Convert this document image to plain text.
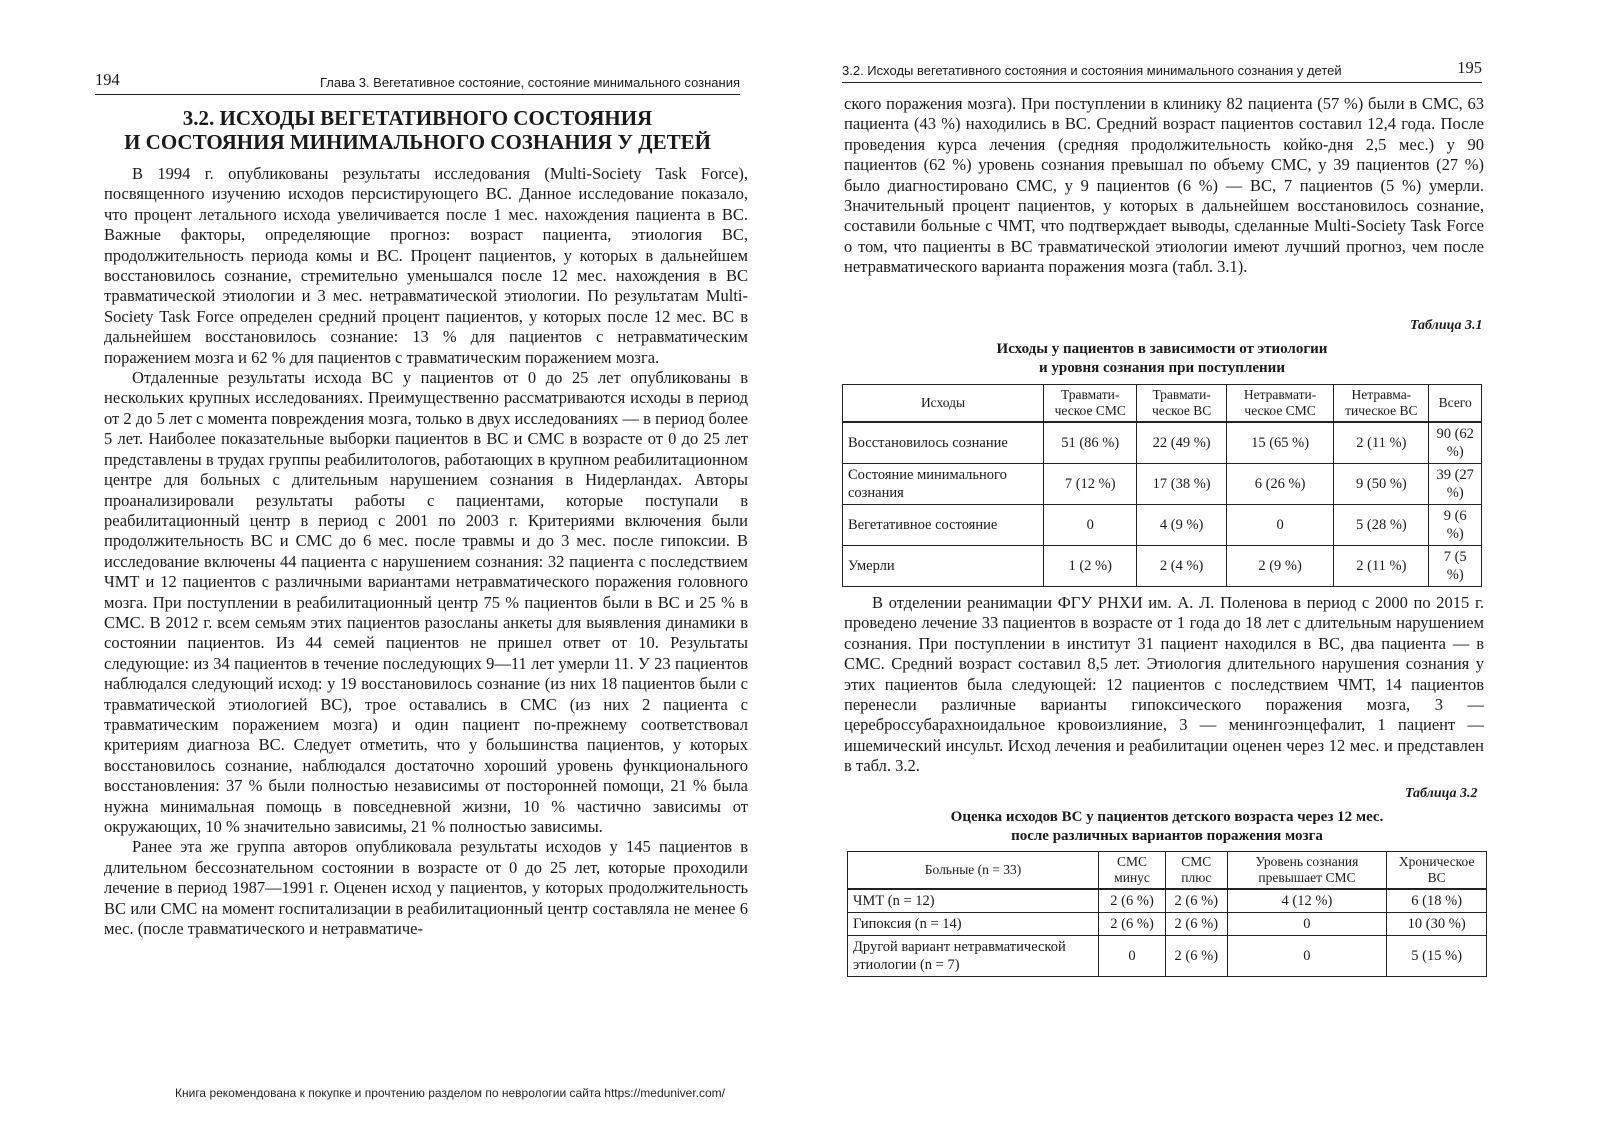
194	Глава 3. Вегетативное состояние, состояние минимального сознания
3.2. ИСХОДЫ ВЕГЕТАТИВНОГО СОСТОЯНИЯ
И СОСТОЯНИЯ МИНИМАЛЬНОГО СОЗНАНИЯ У ДЕТЕЙ

В 1994 г. опубликованы результаты исследования (Multi-Society Task Force), посвященного изучению исходов персистирующего ВС. Данное исследование показало, что процент летального исхода увеличивается после 1 мес. нахождения пациента в ВС. Важные факторы, определяющие прогноз: возраст пациента, этиология ВС, продолжительность периода комы и ВС. Процент пациентов, у которых в дальнейшем восстановилось сознание, стремительно уменьшался после 12 мес. нахождения в ВС травматической этиологии и 3 мес. нетравматической этиологии. По результатам Multi-Society Task Force определен средний процент пациентов, у которых после 12 мес. ВС в дальнейшем восстановилось сознание: 13 % для пациентов с нетравматическим поражением мозга и 62 % для пациентов с травматическим поражением мозга.

Отдаленные результаты исхода ВС у пациентов от 0 до 25 лет опубликованы в нескольких крупных исследованиях. Преимущественно рассматриваются исходы в период от 2 до 5 лет с момента повреждения мозга, только в двух исследованиях — в период более 5 лет. Наиболее показательные выборки пациентов в ВС и СМС в возрасте от 0 до 25 лет представлены в трудах группы реабилитологов, работающих в крупном реабилитационном центре для больных с длительным нарушением сознания в Нидерландах. Авторы проанализировали результаты работы с пациентами, которые поступали в реабилитационный центр в период с 2001 по 2003 г. Критериями включения были продолжительность ВС и СМС до 6 мес. после травмы и до 3 мес. после гипоксии. В исследование включены 44 пациента с нарушением сознания: 32 пациента с последствием ЧМТ и 12 пациентов с различными вариантами нетравматического поражения головного мозга. При поступлении в реабилитационный центр 75 % пациентов были в ВС и 25 % в СМС. В 2012 г. всем семьям этих пациентов разосланы анкеты для выявления динамики в состоянии пациентов. Из 44 семей пациентов не пришел ответ от 10. Результаты следующие: из 34 пациентов в течение последующих 9—11 лет умерли 11. У 23 пациентов наблюдался следующий исход: у 19 восстановилось сознание (из них 18 пациентов были с травматической этиологией ВС), трое оставались в СМС (из них 2 пациента с травматическим поражением мозга) и один пациент по-прежнему соответствовал критериям диагноза ВС. Следует отметить, что у большинства пациентов, у которых восстановилось сознание, наблюдался достаточно хороший уровень функционального восстановления: 37 % были полностью независимы от посторонней помощи, 21 % была нужна минимальная помощь в повседневной жизни, 10 % частично зависимы от окружающих, 10 % значительно зависимы, 21 % полностью зависимы.

Ранее эта же группа авторов опубликовала результаты исходов у 145 пациентов в длительном бессознательном состоянии в возрасте от 0 до 25 лет, которые проходили лечение в период 1987—1991 г. Оценен исход у пациентов, у которых продолжительность ВС или СМС на момент госпитализации в реабилитационный центр составляла не менее 6 мес. (после травматического и нетравматиче-

Книга рекомендована к покупке и прочтению разделом по неврологии сайта https://meduniver.com/
3.2. Исходы вегетативного состояния и состояния минимального сознания у детей	195

ского поражения мозга). При поступлении в клинику 82 пациента (57 %) были в СМС, 63 пациента (43 %) находились в ВС. Средний возраст пациентов составил 12,4 года. После проведения курса лечения (средняя продолжительность койко-дня 2,5 мес.) у 90 пациентов (62 %) уровень сознания превышал по объему СМС, у 39 пациентов (27 %) было диагностировано СМС, у 9 пациентов (6 %) — ВС, 7 пациентов (5 %) умерли. Значительный процент пациентов, у которых в дальнейшем восстановилось сознание, составили больные с ЧМТ, что подтверждает выводы, сделанные Multi-Society Task Force о том, что пациенты в ВС травматической этиологии имеют лучший прогноз, чем после нетравматического варианта поражения мозга (табл. 3.1).

Таблица 3.1
Исходы у пациентов в зависимости от этиологии
и уровня сознания при поступлении
Исходы	Травмати-ческое СМС	Травмати-ческое ВС	Нетравмати-ческое СМС	Нетравма-тическое ВС	Всего
Восстановилось сознание	51 (86 %)	22 (49 %)	15 (65 %)	2 (11 %)	90 (62 %)
Состояние минимального сознания	7 (12 %)	17 (38 %)	6 (26 %)	9 (50 %)	39 (27 %)
Вегетативное состояние	0	4 (9 %)	0	5 (28 %)	9 (6 %)
Умерли	1 (2 %)	2 (4 %)	2 (9 %)	2 (11 %)	7 (5 %)

В отделении реанимации ФГУ РНХИ им. А. Л. Поленова в период с 2000 по 2015 г. проведено лечение 33 пациентов в возрасте от 1 года до 18 лет с длительным нарушением сознания. При поступлении в институт 31 пациент находился в ВС, два пациента — в СМС. Средний возраст составил 8,5 лет. Этиология длительного нарушения сознания у этих пациентов была следующей: 12 пациентов с последствием ЧМТ, 14 пациентов перенесли различные варианты гипоксического поражения мозга, 3 — цереброссубарахноидальное кровоизлияние, 3 — менингоэнцефалит, 1 пациент — ишемический инсульт. Исход лечения и реабилитации оценен через 12 мес. и представлен в табл. 3.2.

Таблица 3.2
Оценка исходов ВС у пациентов детского возраста через 12 мес.
после различных вариантов поражения мозга
Больные (n = 33)	СМС минус	СМС плюс	Уровень сознания превышает СМС	Хроническое ВС
ЧМТ (n = 12)	2 (6 %)	2 (6 %)	4 (12 %)	6 (18 %)
Гипоксия (n = 14)	2 (6 %)	2 (6 %)	0	10 (30 %)
Другой вариант нетравматической этиологии (n = 7)	0	2 (6 %)	0	5 (15 %)
